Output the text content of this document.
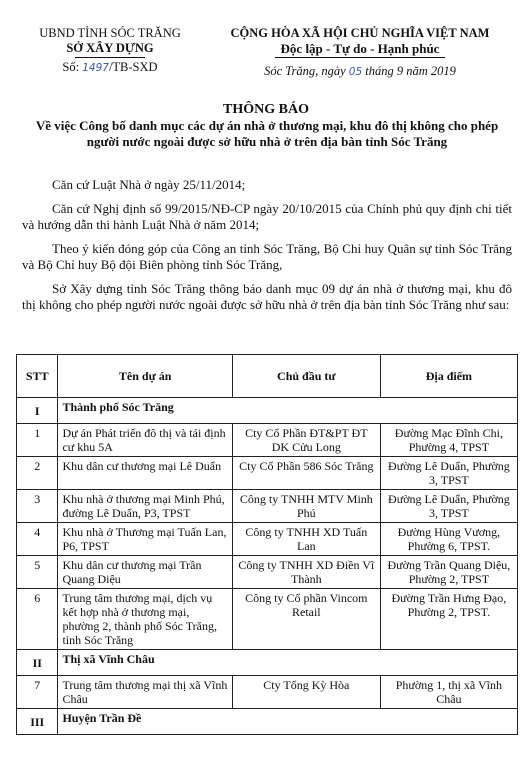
UBND TỈNH SÓC TRĂNG
SỞ XÂY DỰNG
Số: 1497/TB-SXD
CỘNG HÒA XÃ HỘI CHỦ NGHĨA VIỆT NAM
Độc lập - Tự do - Hạnh phúc
Sóc Trăng, ngày 05 tháng 9 năm 2019
THÔNG BÁO
Về việc Công bố danh mục các dự án nhà ở thương mại, khu đô thị không cho phép người nước ngoài được sở hữu nhà ở trên địa bàn tỉnh Sóc Trăng
Căn cứ Luật Nhà ở ngày 25/11/2014;
Căn cứ Nghị định số 99/2015/NĐ-CP ngày 20/10/2015 của Chính phủ quy định chi tiết và hướng dẫn thi hành Luật Nhà ở năm 2014;
Theo ý kiến đóng góp của Công an tỉnh Sóc Trăng, Bộ Chỉ huy Quân sự tỉnh Sóc Trăng và Bộ Chỉ huy Bộ đội Biên phòng tỉnh Sóc Trăng,
Sở Xây dựng tỉnh Sóc Trăng thông báo danh mục 09 dự án nhà ở thương mại, khu đô thị không cho phép người nước ngoài được sở hữu nhà ở trên địa bàn tỉnh Sóc Trăng như sau:
STT	Tên dự án	Chủ đầu tư	Địa điểm
I	Thành phố Sóc Trăng		
1	Dự án Phát triển đô thị và tái định cư khu 5A	Cty Cổ Phần ĐT&PT ĐT DK Cửu Long	Đường Mạc Đĩnh Chi, Phường 4, TPST
2	Khu dân cư thương mại Lê Duẩn	Cty Cổ Phần 586 Sóc Trăng	Đường Lê Duẩn, Phường 3, TPST
3	Khu nhà ở thương mại Minh Phú, đường Lê Duẩn, P3, TPST	Công ty TNHH MTV Minh Phú	Đường Lê Duẩn, Phường 3, TPST
4	Khu nhà ở Thương mại Tuấn Lan, P6, TPST	Công ty TNHH XD Tuấn Lan	Đường Hùng Vương, Phường 6, TPST.
5	Khu dân cư thương mại Trần Quang Diệu	Công ty TNHH XD Điền Vĩ Thành	Đường Trần Quang Diệu, Phường 2, TPST
6	Trung tâm thương mại, dịch vụ kết hợp nhà ở thương mại, phường 2, thành phố Sóc Trăng, tỉnh Sóc Trăng	Công ty Cổ phần Vincom Retail	Đường Trần Hưng Đạo, Phường 2, TPST.
II	Thị xã Vĩnh Châu		
7	Trung tâm thương mại thị xã Vĩnh Châu	Cty Tổng Kỳ Hòa	Phường 1, thị xã Vĩnh Châu
III	Huyện Trần Đề		
